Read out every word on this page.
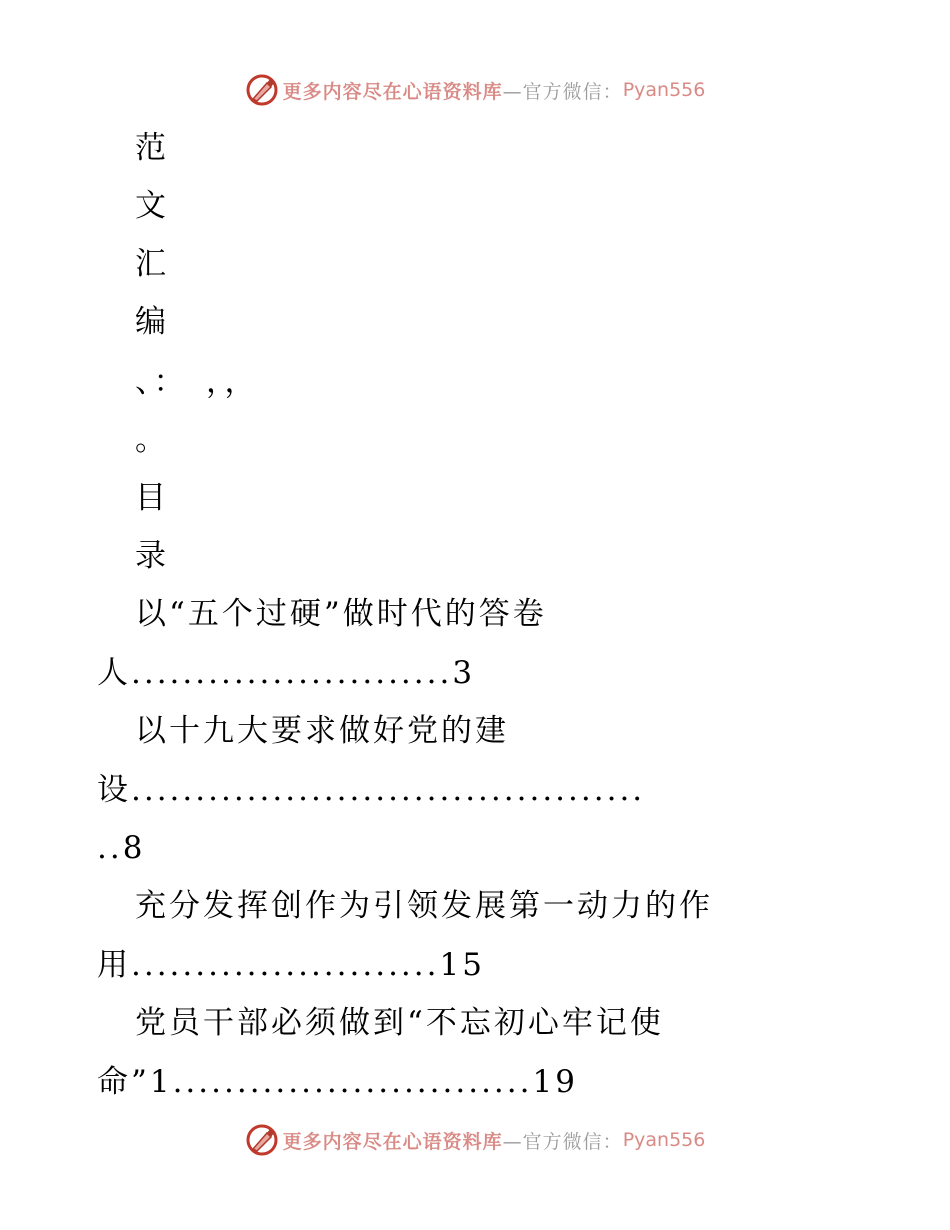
更多内容尽在心语资料库 —官方微信： Pyan556
范
文
汇
编
、：　，，
。
目
录
以“五个过硬”做时代的答卷
人.........................3
以十九大要求做好党的建
设........................................
..8
充分发挥创作为引领发展第一动力的作
用........................15
党员干部必须做到“不忘初心牢记使
命”1............................19
更多内容尽在心语资料库 —官方微信： Pyan556
